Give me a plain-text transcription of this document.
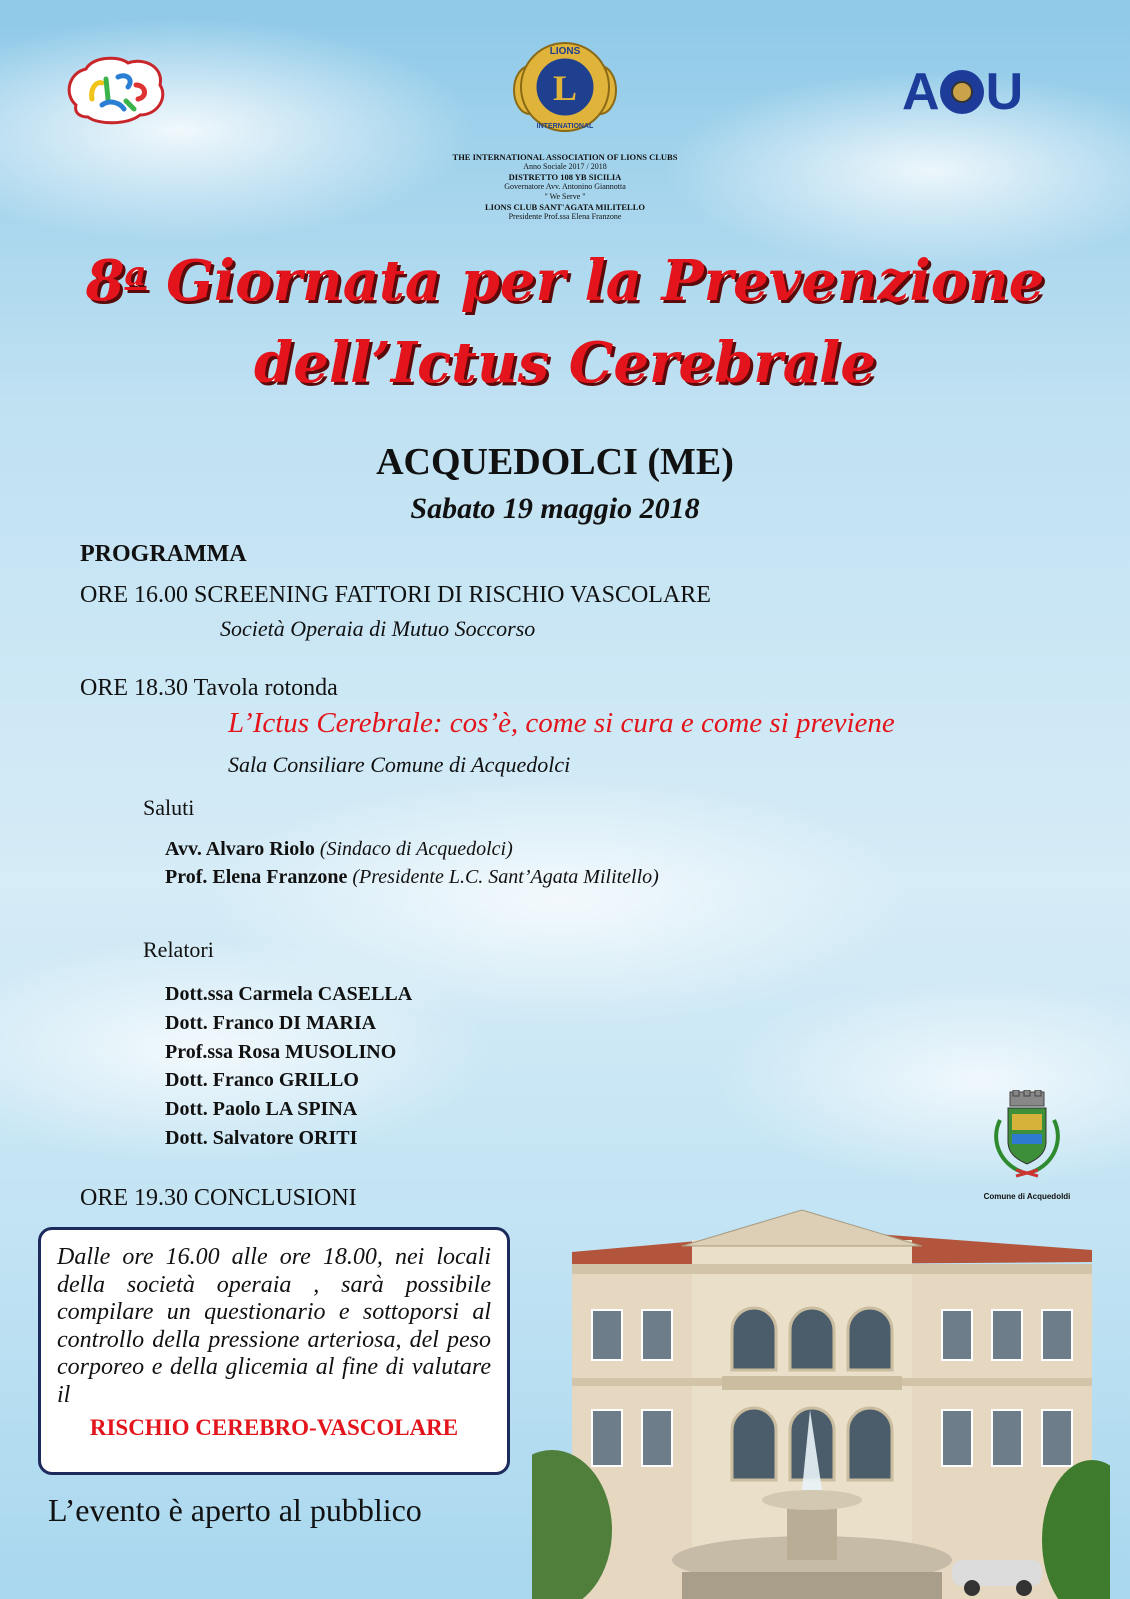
LIONS
INTERNATIONAL
L	A U
THE INTERNATIONAL ASSOCIATION OF LIONS CLUBS
Anno Sociale 2017 / 2018
DISTRETTO 108 YB SICILIA
Governatore Avv. Antonino Giannotta
" We Serve "
LIONS CLUB SANT'AGATA MILITELLO
Presidente Prof.ssa Elena Franzone
8$^a$ Giornata per la Prevenzione
dell’Ictus Cerebrale
ACQUEDOLCI (ME)
Sabato 19 maggio 2018
PROGRAMMA
ORE 16.00 SCREENING FATTORI DI RISCHIO VASCOLARE
Società Operaia di Mutuo Soccorso
ORE 18.30 Tavola rotonda
L’Ictus Cerebrale: cos’è, come si cura e come si previene
Sala Consiliare Comune di Acquedolci
Saluti
Avv. Alvaro Riolo (Sindaco di Acquedolci)
Prof. Elena Franzone (Presidente L.C. Sant’Agata Militello)
Relatori
Dott.ssa Carmela CASELLA
Dott. Franco DI MARIA
Prof.ssa Rosa MUSOLINO
Dott. Franco GRILLO
Dott. Paolo LA SPINA
Dott. Salvatore ORITI
ORE 19.30 CONCLUSIONI	Comune di Acquedoldi
Dalle ore 16.00 alle ore 18.00, nei locali della società operaia , sarà possibile compilare un questionario e sottoporsi al controllo della pressione arteriosa, del peso corporeo e della glicemia al fine di valutare il
RISCHIO CEREBRO-VASCOLARE
L’evento è aperto al pubblico
